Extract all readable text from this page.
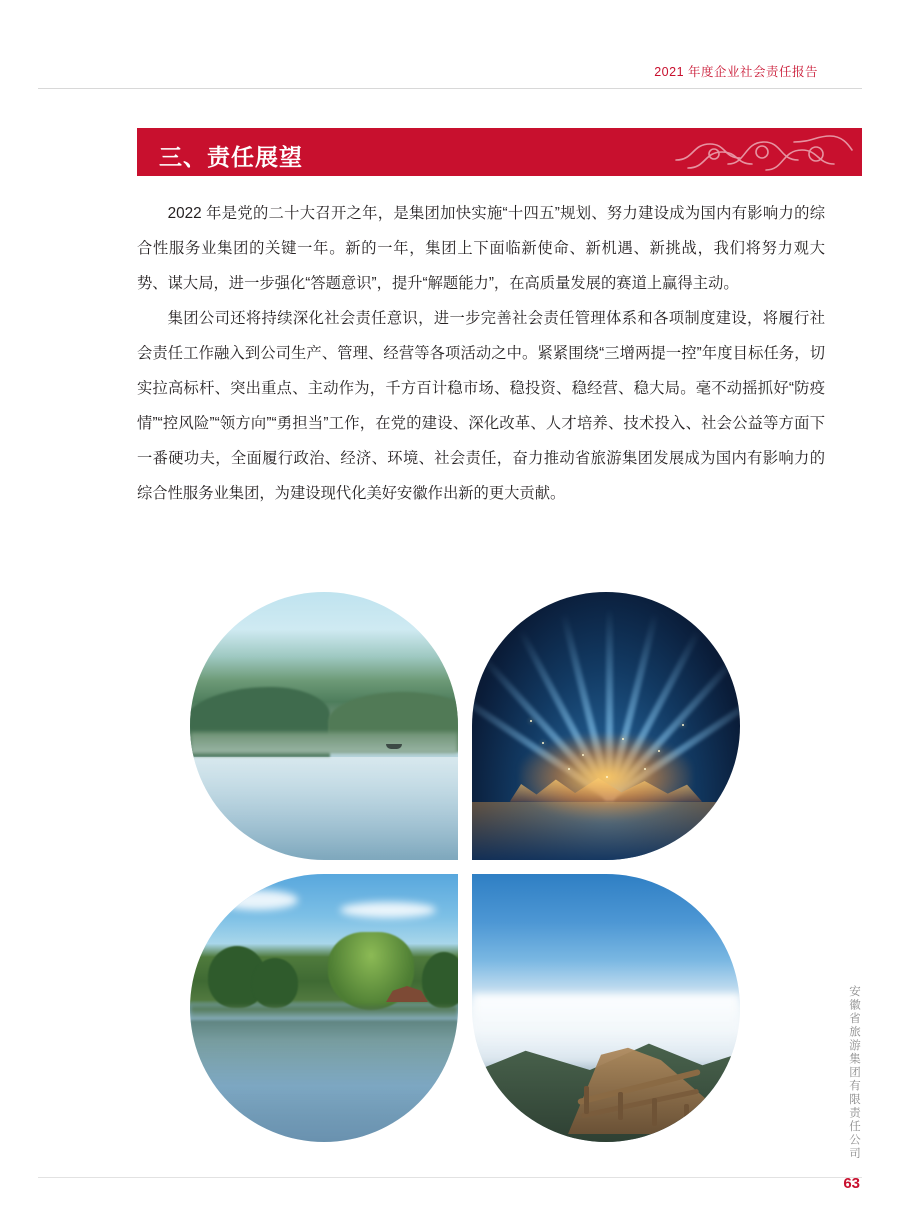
2021 年度企业社会责任报告
三、责任展望

2022 年是党的二十大召开之年，是集团加快实施“十四五”规划、努力建设成为国内有影响力的综合性服务业集团的关键一年。新的一年，集团上下面临新使命、新机遇、新挑战，我们将努力观大势、谋大局，进一步强化“答题意识”，提升“解题能力”，在高质量发展的赛道上赢得主动。

集团公司还将持续深化社会责任意识，进一步完善社会责任管理体系和各项制度建设，将履行社会责任工作融入到公司生产、管理、经营等各项活动之中。紧紧围绕“三增两提一控”年度目标任务，切实拉高标杆、突出重点、主动作为，千方百计稳市场、稳投资、稳经营、稳大局。毫不动摇抓好“防疫情”“控风险”“领方向”“勇担当”工作，在党的建设、深化改革、人才培养、技术投入、社会公益等方面下一番硬功夫，全面履行政治、经济、环境、社会责任，奋力推动省旅游集团发展成为国内有影响力的综合性服务业集团，为建设现代化美好安徽作出新的更大贡献。

安徽省旅游集团有限责任公司
63
